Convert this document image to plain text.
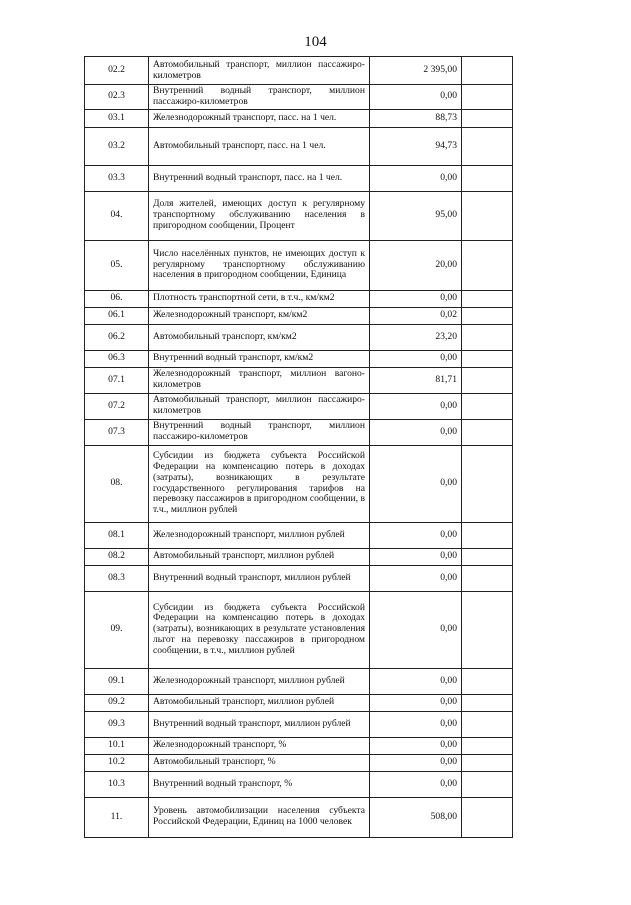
104
02.2	Автомобильный транспорт, миллион пассажиро-километров	2 395,00	
02.3	Внутренний водный транспорт, миллион пассажиро-километров	0,00	
03.1	Железнодорожный транспорт, пасс. на 1 чел.	88,73	
03.2	Автомобильный транспорт, пасс. на 1 чел.	94,73	
03.3	Внутренний водный транспорт, пасс. на 1 чел.	0,00	
04.	Доля жителей, имеющих доступ к регулярному транспортному обслуживанию населения в пригородном сообщении, Процент	95,00	
05.	Число населённых пунктов, не имеющих доступ к регулярному транспортному обслуживанию населения в пригородном сообщении, Единица	20,00	
06.	Плотность транспортной сети, в т.ч., км/км2	0,00	
06.1	Железнодорожный транспорт, км/км2	0,02	
06.2	Автомобильный транспорт, км/км2	23,20	
06.3	Внутренний водный транспорт, км/км2	0,00	
07.1	Железнодорожный транспорт, миллион вагоно-километров	81,71	
07.2	Автомобильный транспорт, миллион пассажиро-километров	0,00	
07.3	Внутренний водный транспорт, миллион пассажиро-километров	0,00	
08.	Субсидии из бюджета субъекта Российской Федерации на компенсацию потерь в доходах (затраты), возникающих в результате государственного регулирования тарифов на перевозку пассажиров в пригородном сообщении, в т.ч., миллион рублей	0,00	
08.1	Железнодорожный транспорт, миллион рублей	0,00	
08.2	Автомобильный транспорт, миллион рублей	0,00	
08.3	Внутренний водный транспорт, миллион рублей	0,00	
09.	Субсидии из бюджета субъекта Российской Федерации на компенсацию потерь в доходах (затраты), возникающих в результате установления льгот на перевозку пассажиров в пригородном сообщении, в т.ч., миллион рублей	0,00	
09.1	Железнодорожный транспорт, миллион рублей	0,00	
09.2	Автомобильный транспорт, миллион рублей	0,00	
09.3	Внутренний водный транспорт, миллион рублей	0,00	
10.1	Железнодорожный транспорт, %	0,00	
10.2	Автомобильный транспорт, %	0,00	
10.3	Внутренний водный транспорт, %	0,00	
11.	Уровень автомобилизации населения субъекта Российской Федерации, Единиц на 1000 человек	508,00	
